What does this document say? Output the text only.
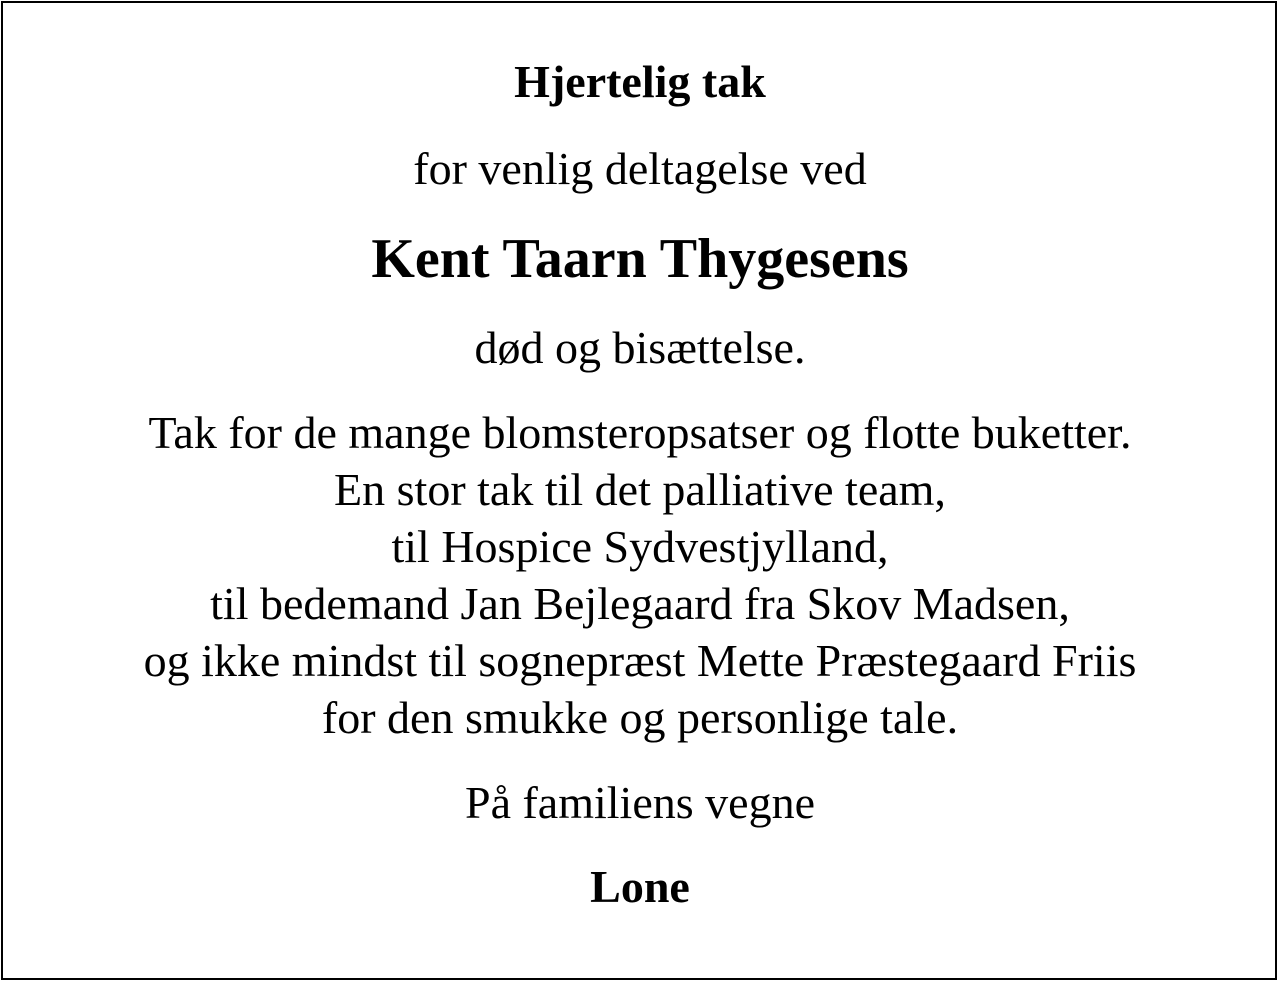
Hjertelig tak
for venlig deltagelse ved
Kent Taarn Thygesens
død og bisættelse.
Tak for de mange blomsteropsatser og flotte buketter.
En stor tak til det palliative team,
til Hospice Sydvestjylland,
til bedemand Jan Bejlegaard fra Skov Madsen,
og ikke mindst til sognepræst Mette Præstegaard Friis
for den smukke og personlige tale.
På familiens vegne
Lone
